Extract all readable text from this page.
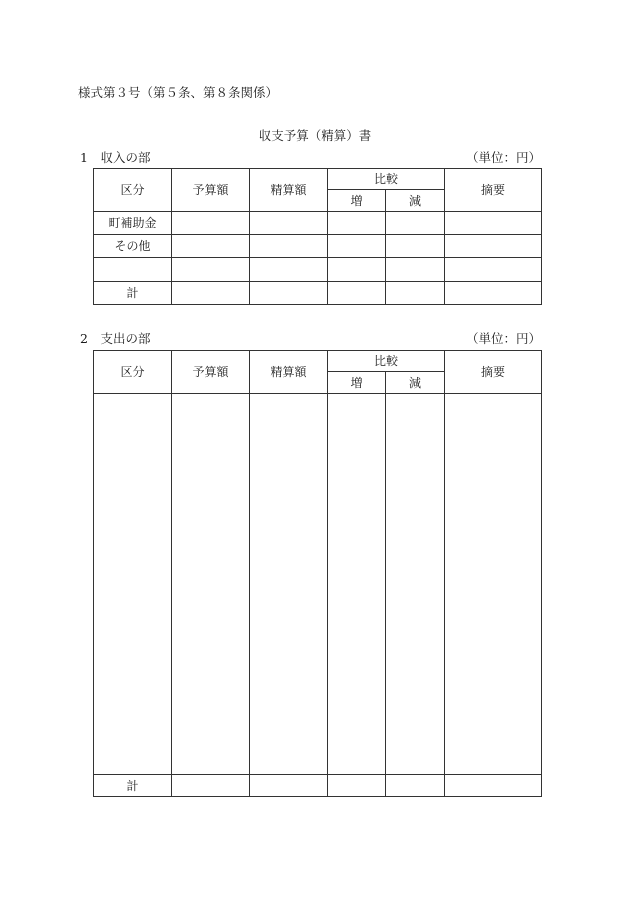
様式第３号（第５条、第８条関係）
収支予算（精算）書
1　収入の部	（単位：円）
区分	予算額	精算額	比較		摘要
			増	減	
町補助金					
その他					

計					
2　支出の部	（単位：円）
区分	予算額	精算額	比較		摘要
			増	減	

計					
